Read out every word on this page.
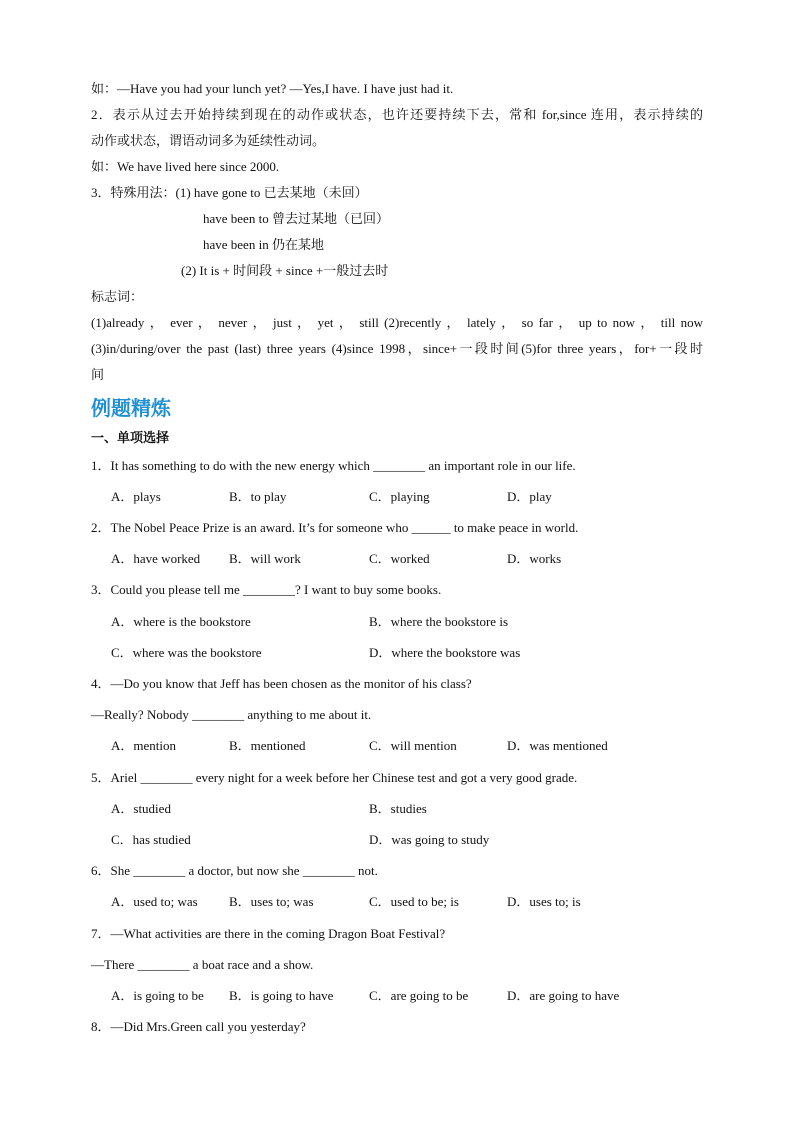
如：—Have you had your lunch yet? —Yes,I have. I have just had it.
2．表示从过去开始持续到现在的动作或状态，也许还要持续下去，常和 for,since 连用，表示持续的
动作或状态，谓语动词多为延续性动词。
如：We have lived here since 2000.
3．特殊用法：(1) have gone to 已去某地（未回）
have been to 曾去过某地（已回）
have been in 仍在某地
(2) It is + 时间段 + since +一般过去时
标志词：
(1)already ， ever ， never ， just ， yet ， still (2)recently ， lately ， so far ， up to now ， till now
(3)in/during/over the past (last) three years (4)since 1998，since+一段时间(5)for three years，for+一段时
间
例题精炼
一、单项选择
1．It has something to do with the new energy which ________ an important role in our life.
A．plays	B．to play	C．playing	D．play
2．The Nobel Peace Prize is an award. It’s for someone who ______ to make peace in world.
A．have worked B．will work	C．worked	D．works
3．Could you please tell me ________? I want to buy some books.
A．where is the bookstore	B．where the bookstore is
C．where was the bookstore	D．where the bookstore was
4．—Do you know that Jeff has been chosen as the monitor of his class?
—Really? Nobody ________ anything to me about it.
A．mention	B．mentioned	C．will mention	D．was mentioned
5．Ariel ________ every night for a week before her Chinese test and got a very good grade.
A．studied	B．studies
C．has studied	D．was going to study
6．She ________ a doctor, but now she ________ not.
A．used to; was B．uses to; was	C．used to be; is	D．uses to; is
7．—What activities are there in the coming Dragon Boat Festival?
—There ________ a boat race and a show.
A．is going to be B．is going to have	C．are going to be	D．are going to have
8．—Did Mrs.Green call you yesterday?
